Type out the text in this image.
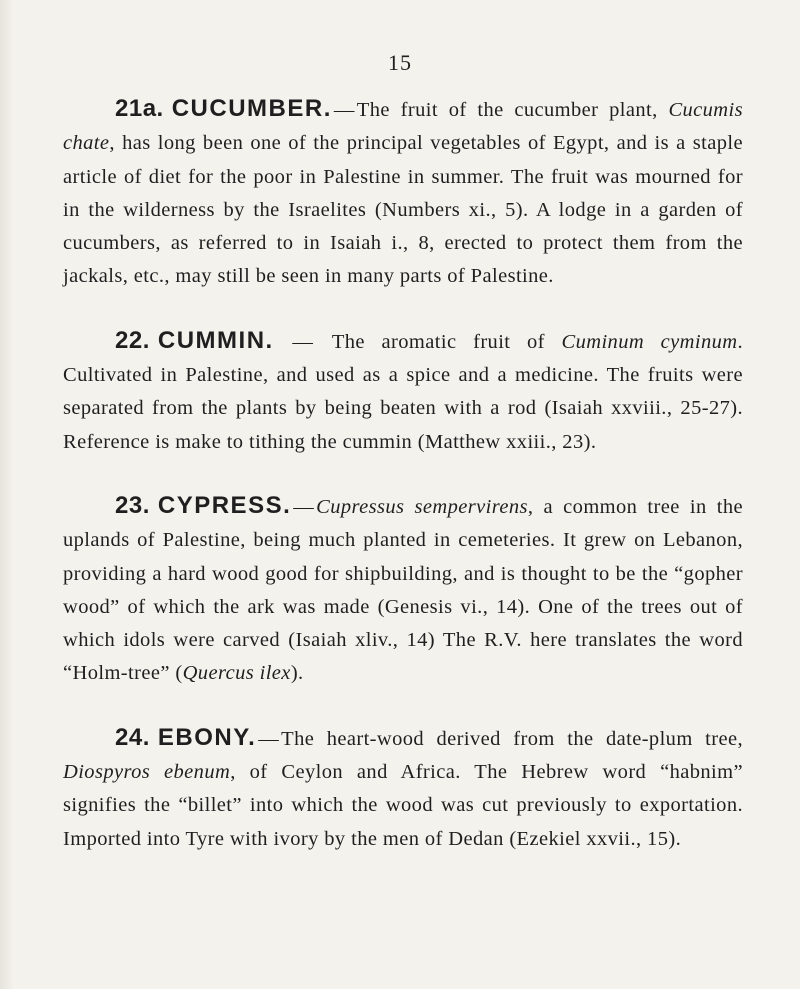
15

21a. CUCUMBER.—The fruit of the cucumber plant, Cucumis chate, has long been one of the principal vegetables of Egypt, and is a staple article of diet for the poor in Palestine in summer. The fruit was mourned for in the wilderness by the Israelites (Numbers xi., 5). A lodge in a garden of cucumbers, as referred to in Isaiah i., 8, erected to protect them from the jackals, etc., may still be seen in many parts of Palestine.

22. CUMMIN. — The aromatic fruit of Cuminum cyminum. Cultivated in Palestine, and used as a spice and a medicine. The fruits were separated from the plants by being beaten with a rod (Isaiah xxviii., 25-27). Reference is make to tithing the cummin (Matthew xxiii., 23).

23. CYPRESS.—Cupressus sempervirens, a common tree in the uplands of Palestine, being much planted in cemeteries. It grew on Lebanon, providing a hard wood good for shipbuilding, and is thought to be the “gopher wood” of which the ark was made (Genesis vi., 14). One of the trees out of which idols were carved (Isaiah xliv., 14) The R.V. here translates the word “Holm-tree” (Quercus ilex).

24. EBONY.—The heart-wood derived from the date-plum tree, Diospyros ebenum, of Ceylon and Africa. The Hebrew word “habnim” signifies the “billet” into which the wood was cut previously to exportation. Imported into Tyre with ivory by the men of Dedan (Ezekiel xxvii., 15).
